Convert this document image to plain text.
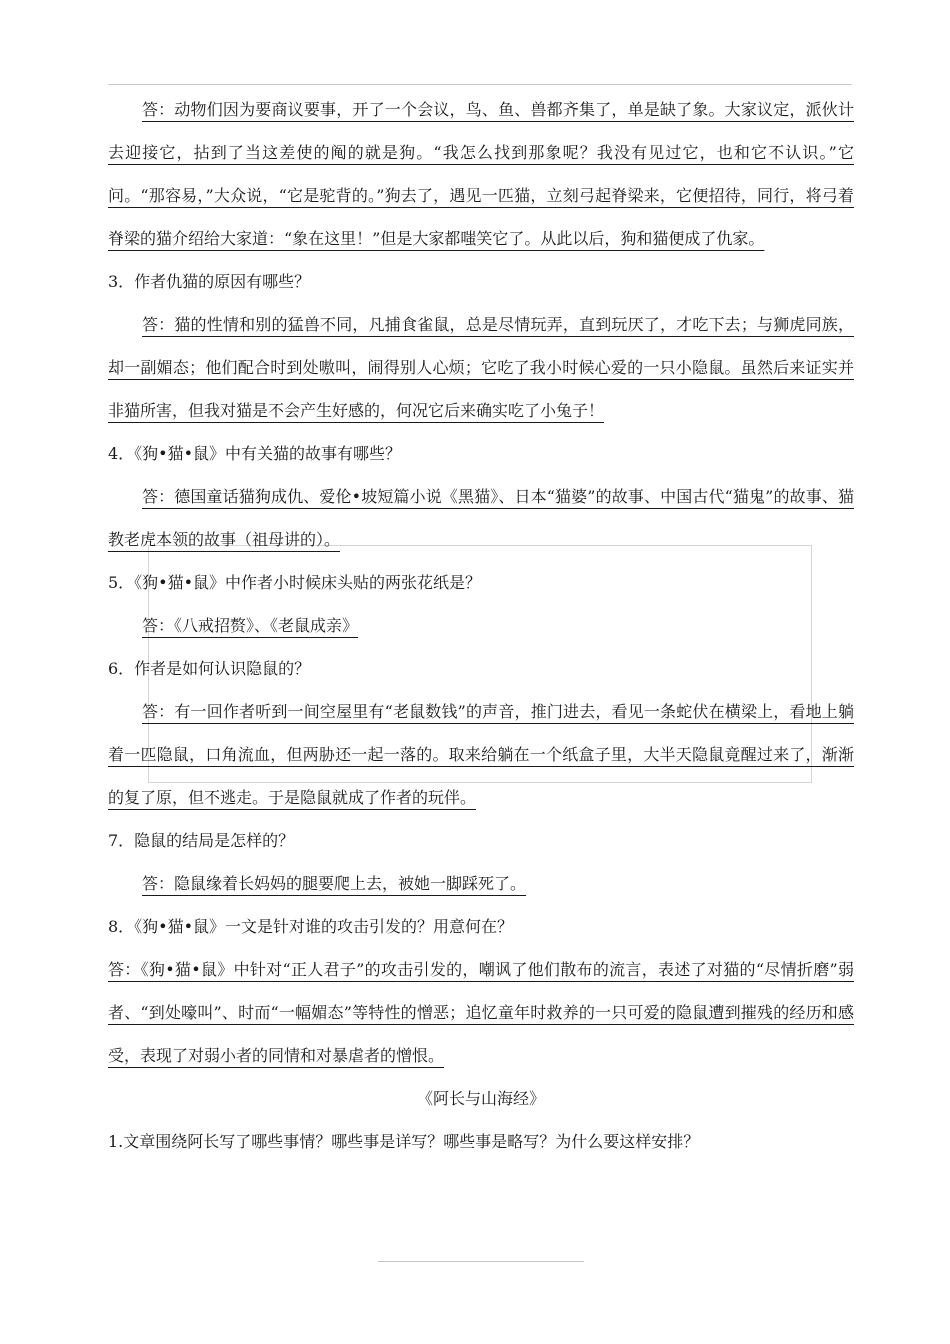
答：动物们因为要商议要事，开了一个会议，鸟、鱼、兽都齐集了，单是缺了象。大家议定，派伙计去迎接它，拈到了当这差使的阄的就是狗。“我怎么找到那象呢？我没有见过它，也和它不认识。”它问。“那容易，”大众说，“它是驼背的。”狗去了，遇见一匹猫，立刻弓起脊梁来，它便招待，同行，将弓着脊梁的猫介绍给大家道：“象在这里！”但是大家都嗤笑它了。从此以后，狗和猫便成了仇家。

3．作者仇猫的原因有哪些？

答：猫的性情和别的猛兽不同，凡捕食雀鼠，总是尽情玩弄，直到玩厌了，才吃下去；与狮虎同族，却一副媚态；他们配合时到处嗷叫，闹得别人心烦；它吃了我小时候心爱的一只小隐鼠。虽然后来证实并非猫所害，但我对猫是不会产生好感的，何况它后来确实吃了小兔子！

4．《狗•猫•鼠》中有关猫的故事有哪些？

答：德国童话猫狗成仇、爱伦•坡短篇小说《黑猫》、日本“猫婆”的故事、中国古代“猫鬼”的故事、猫教老虎本领的故事（祖母讲的）。

5．《狗•猫•鼠》中作者小时候床头贴的两张花纸是？

答：《八戒招赘》、《老鼠成亲》

6．作者是如何认识隐鼠的？

答：有一回作者听到一间空屋里有“老鼠数钱”的声音，推门进去，看见一条蛇伏在横梁上，看地上躺着一匹隐鼠，口角流血，但两胁还一起一落的。取来给躺在一个纸盒子里，大半天隐鼠竟醒过来了，渐渐的复了原，但不逃走。于是隐鼠就成了作者的玩伴。

7．隐鼠的结局是怎样的？

答：隐鼠缘着长妈妈的腿要爬上去，被她一脚踩死了。

8．《狗•猫•鼠》一文是针对谁的攻击引发的？用意何在？

答：《狗•猫•鼠》中针对“正人君子”的攻击引发的，嘲讽了他们散布的流言，表述了对猫的“尽情折磨”弱者、“到处嚎叫”、时而“一幅媚态”等特性的憎恶；追忆童年时救养的一只可爱的隐鼠遭到摧残的经历和感受，表现了对弱小者的同情和对暴虐者的憎恨。

《阿长与山海经》

1.文章围绕阿长写了哪些事情？哪些事是详写？哪些事是略写？为什么要这样安排？
